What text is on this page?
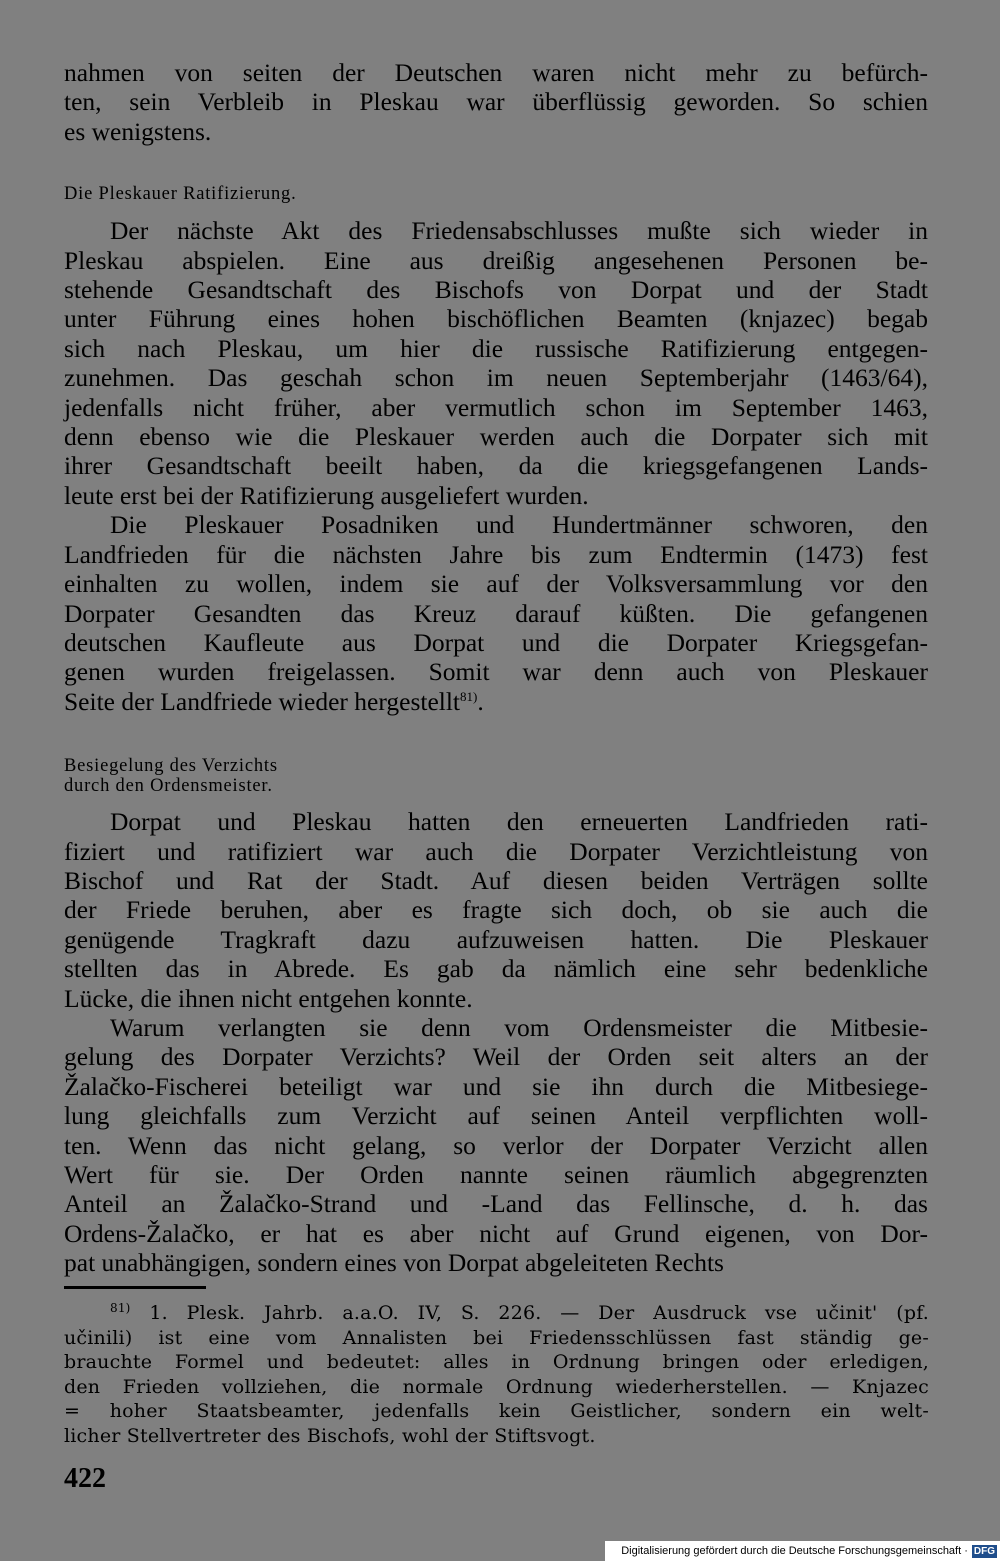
nahmen von seiten der Deutschen waren nicht mehr zu befürch-
ten, sein Verbleib in Pleskau war überflüssig geworden. So schien
es wenigstens.

Die Pleskauer Ratifizierung.

Der nächste Akt des Friedensabschlusses mußte sich wieder in
Pleskau abspielen. Eine aus dreißig angesehenen Personen be-
stehende Gesandtschaft des Bischofs von Dorpat und der Stadt
unter Führung eines hohen bischöflichen Beamten (knjazec) begab
sich nach Pleskau, um hier die russische Ratifizierung entgegen-
zunehmen. Das geschah schon im neuen Septemberjahr (1463/64),
jedenfalls nicht früher, aber vermutlich schon im September 1463,
denn ebenso wie die Pleskauer werden auch die Dorpater sich mit
ihrer Gesandtschaft beeilt haben, da die kriegsgefangenen Lands-
leute erst bei der Ratifizierung ausgeliefert wurden.

Die Pleskauer Posadniken und Hundertmänner schworen, den
Landfrieden für die nächsten Jahre bis zum Endtermin (1473) fest
einhalten zu wollen, indem sie auf der Volksversammlung vor den
Dorpater Gesandten das Kreuz darauf küßten. Die gefangenen
deutschen Kaufleute aus Dorpat und die Dorpater Kriegsgefan-
genen wurden freigelassen. Somit war denn auch von Pleskauer
Seite der Landfriede wieder hergestellt$^{81)}$.

Besiegelung des Verzichts
durch den Ordensmeister.

Dorpat und Pleskau hatten den erneuerten Landfrieden rati-
fiziert und ratifiziert war auch die Dorpater Verzichtleistung von
Bischof und Rat der Stadt. Auf diesen beiden Verträgen sollte
der Friede beruhen, aber es fragte sich doch, ob sie auch die
genügende Tragkraft dazu aufzuweisen hatten. Die Pleskauer
stellten das in Abrede. Es gab da nämlich eine sehr bedenkliche
Lücke, die ihnen nicht entgehen konnte.

Warum verlangten sie denn vom Ordensmeister die Mitbesie-
gelung des Dorpater Verzichts? Weil der Orden seit alters an der
Žalačko-Fischerei beteiligt war und sie ihn durch die Mitbesiege-
lung gleichfalls zum Verzicht auf seinen Anteil verpflichten woll-
ten. Wenn das nicht gelang, so verlor der Dorpater Verzicht allen
Wert für sie. Der Orden nannte seinen räumlich abgegrenzten
Anteil an Žalačko-Strand und -Land das Fellinsche, d. h. das
Ordens-Žalačko, er hat es aber nicht auf Grund eigenen, von Dor-
pat unabhängigen, sondern eines von Dorpat abgeleiteten Rechts

$^{81)}$ 1. Plesk. Jahrb. a.a.O. IV, S. 226. — Der Ausdruck vse učinit' (pf.
učinili) ist eine vom Annalisten bei Friedensschlüssen fast ständig ge-
brauchte Formel und bedeutet: alles in Ordnung bringen oder erledigen,
den Frieden vollziehen, die normale Ordnung wiederherstellen. — Knjazec
= hoher Staatsbeamter, jedenfalls kein Geistlicher, sondern ein welt-
licher Stellvertreter des Bischofs, wohl der Stiftsvogt.

422
Digitalisierung gefördert durch die Deutsche Forschungsgemeinschaft · DFG
